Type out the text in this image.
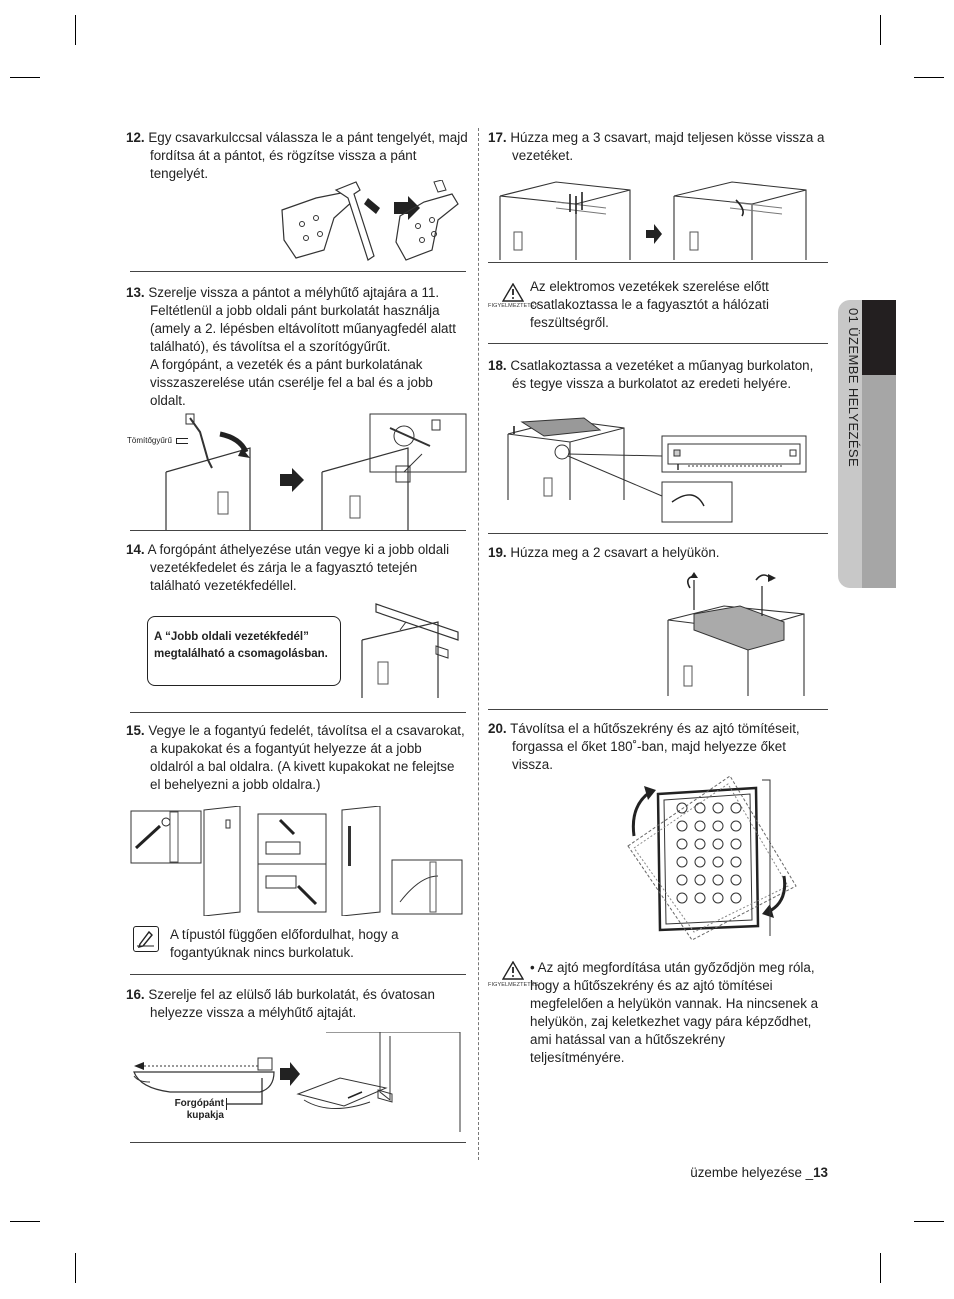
01 ÜZEMBE HELYEZÉSE

12. Egy csavarkulccsal válassza le a pánt tengelyét, majd fordítsa át a pántot, és rögzítse vissza a pánt tengelyét.

13. Szerelje vissza a pántot a mélyhűtő ajtajára a 11. Feltétlenül a jobb oldali pánt burkolatát használja (amely a 2. lépésben eltávolított műanyagfedél alatt található), és távolítsa el a szorítógyűrűt.

A forgópánt, a vezeték és a pánt burkolatának visszaszerelése után cserélje fel a bal és a jobb oldalt.

Tömítőgyűrű

14. A forgópánt áthelyezése után vegye ki a jobb oldali vezetékfedelet és zárja le a fagyasztó tetején található vezetékfedéllel.

A “Jobb oldali vezetékfedél” megtalálható a csomagolásban.

15. Vegye le a fogantyú fedelét, távolítsa el a csavarokat, a kupakokat és a fogantyút helyezze át a jobb oldalról a bal oldalra. (A kivett kupakokat ne felejtse el behelyezni a jobb oldalra.)

A típustól függően előfordulhat, hogy a fogantyúknak nincs burkolatuk.

16. Szerelje fel az elülső láb burkolatát, és óvatosan helyezze vissza a mélyhűtő ajtaját.

Forgópánt
kupakja

17. Húzza meg a 3 csavart, majd teljesen kösse vissza a vezetéket.

FIGYELMEZTETÉS
Az elektromos vezetékek szerelése előtt csatlakoztassa le a fagyasztót a hálózati feszültségről.

18. Csatlakoztassa a vezetéket a műanyag burkolaton, és tegye vissza a burkolatot az eredeti helyére.

19. Húzza meg a 2 csavart a helyükön.

20. Távolítsa el a hűtőszekrény és az ajtó tömítéseit, forgassa el őket 180˚-ban, majd helyezze őket vissza.

FIGYELMEZTETÉS
• Az ajtó megfordítása után győződjön meg róla, hogy a hűtőszekrény és az ajtó tömítései megfelelően a helyükön vannak. Ha nincsenek a helyükön, zaj keletkezhet vagy pára képződhet, ami hatással van a hűtőszekrény teljesítményére.
üzembe helyezése _13
